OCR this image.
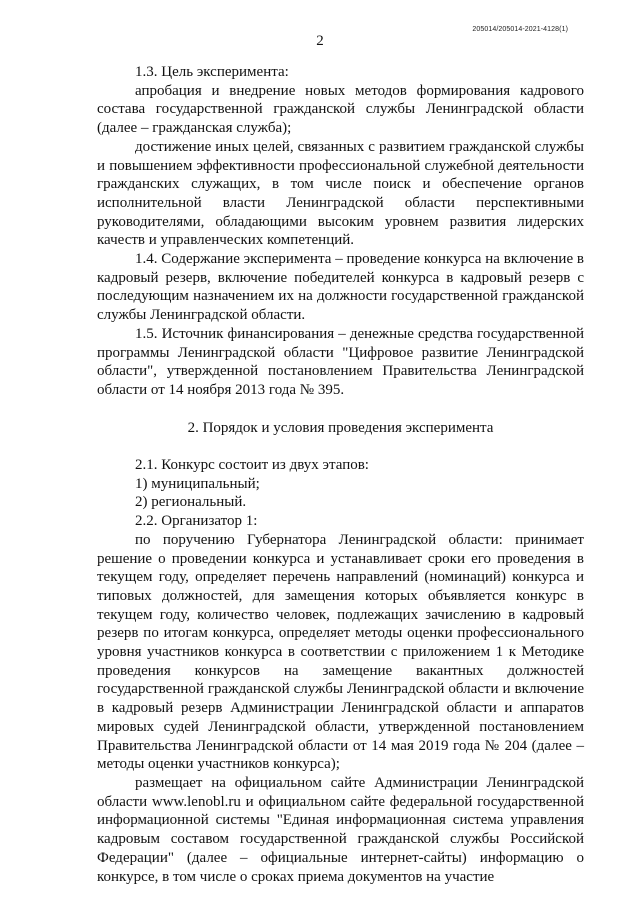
205014/205014-2021-4128(1)
2

1.3. Цель эксперимента:

апробация и внедрение новых методов формирования кадрового состава государственной гражданской службы Ленинградской области (далее – гражданская служба);

достижение иных целей, связанных с развитием гражданской службы и повышением эффективности профессиональной служебной деятельности гражданских служащих, в том числе поиск и обеспечение органов исполнительной власти Ленинградской области перспективными руководителями, обладающими высоким уровнем развития лидерских качеств и управленческих компетенций.

1.4. Содержание эксперимента – проведение конкурса на включение в кадровый резерв, включение победителей конкурса в кадровый резерв с последующим назначением их на должности государственной гражданской службы Ленинградской области.

1.5. Источник финансирования – денежные средства государственной программы Ленинградской области "Цифровое развитие Ленинградской области", утвержденной постановлением Правительства Ленинградской области от 14 ноября 2013 года № 395.

2. Порядок и условия проведения эксперимента

2.1. Конкурс состоит из двух этапов:

1) муниципальный;

2) региональный.

2.2. Организатор 1:

по поручению Губернатора Ленинградской области: принимает решение о проведении конкурса и устанавливает сроки его проведения в текущем году, определяет перечень направлений (номинаций) конкурса и типовых должностей, для замещения которых объявляется конкурс в текущем году, количество человек, подлежащих зачислению в кадровый резерв по итогам конкурса, определяет методы оценки профессионального уровня участников конкурса в соответствии с приложением 1 к Методике проведения конкурсов на замещение вакантных должностей государственной гражданской службы Ленинградской области и включение в кадровый резерв Администрации Ленинградской области и аппаратов мировых судей Ленинградской области, утвержденной постановлением Правительства Ленинградской области от 14 мая 2019 года № 204 (далее – методы оценки участников конкурса);

размещает на официальном сайте Администрации Ленинградской области www.lenobl.ru и официальном сайте федеральной государственной информационной системы "Единая информационная система управления кадровым составом государственной гражданской службы Российской Федерации" (далее – официальные интернет-сайты) информацию о конкурсе, в том числе о сроках приема документов на участие
